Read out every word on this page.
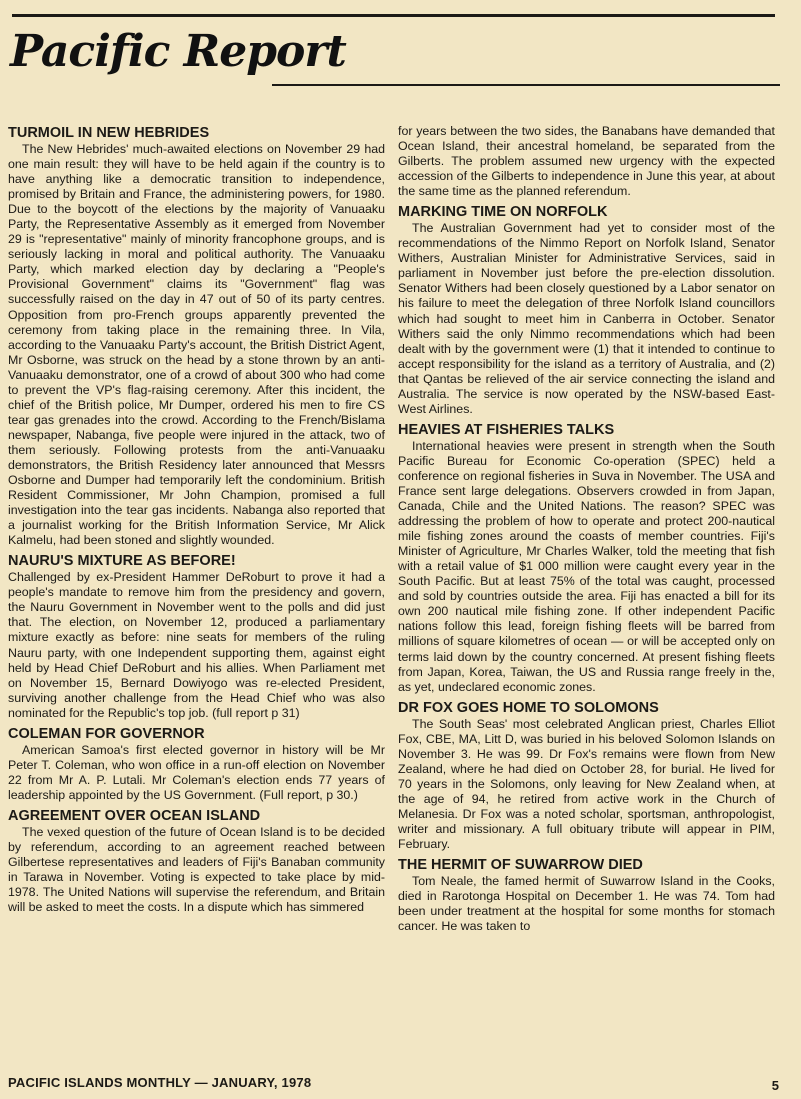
Pacific Report
TURMOIL IN NEW HEBRIDES

The New Hebrides' much-awaited elections on November 29 had one main result: they will have to be held again if the country is to have anything like a democratic transition to independence, promised by Britain and France, the administering powers, for 1980. Due to the boycott of the elections by the majority of Vanuaaku Party, the Representative Assembly as it emerged from November 29 is "representative" mainly of minority francophone groups, and is seriously lacking in moral and political authority. The Vanuaaku Party, which marked election day by declaring a "People's Provisional Government" claims its "Government" flag was successfully raised on the day in 47 out of 50 of its party centres. Opposition from pro-French groups apparently prevented the ceremony from taking place in the remaining three. In Vila, according to the Vanuaaku Party's account, the British District Agent, Mr Osborne, was struck on the head by a stone thrown by an anti-Vanuaaku demonstrator, one of a crowd of about 300 who had come to prevent the VP's flag-raising ceremony. After this incident, the chief of the British police, Mr Dumper, ordered his men to fire CS tear gas grenades into the crowd. According to the French/Bislama newspaper, Nabanga, five people were injured in the attack, two of them seriously. Following protests from the anti-Vanuaaku demonstrators, the British Residency later announced that Messrs Osborne and Dumper had temporarily left the condominium. British Resident Commissioner, Mr John Champion, promised a full investigation into the tear gas incidents. Nabanga also reported that a journalist working for the British Information Service, Mr Alick Kalmelu, had been stoned and slightly wounded.

NAURU'S MIXTURE AS BEFORE!

Challenged by ex-President Hammer DeRoburt to prove it had a people's mandate to remove him from the presidency and govern, the Nauru Government in November went to the polls and did just that. The election, on November 12, produced a parliamentary mixture exactly as before: nine seats for members of the ruling Nauru party, with one Independent supporting them, against eight held by Head Chief DeRoburt and his allies. When Parliament met on November 15, Bernard Dowiyogo was re-elected President, surviving another challenge from the Head Chief who was also nominated for the Republic's top job. (full report p 31)

COLEMAN FOR GOVERNOR

American Samoa's first elected governor in history will be Mr Peter T. Coleman, who won office in a run-off election on November 22 from Mr A. P. Lutali. Mr Coleman's election ends 77 years of leadership appointed by the US Government. (Full report, p 30.)

AGREEMENT OVER OCEAN ISLAND

The vexed question of the future of Ocean Island is to be decided by referendum, according to an agreement reached between Gilbertese representatives and leaders of Fiji's Banaban community in Tarawa in November. Voting is expected to take place by mid-1978. The United Nations will supervise the referendum, and Britain will be asked to meet the costs. In a dispute which has simmered

for years between the two sides, the Banabans have demanded that Ocean Island, their ancestral homeland, be separated from the Gilberts. The problem assumed new urgency with the expected accession of the Gilberts to independence in June this year, at about the same time as the planned referendum.

MARKING TIME ON NORFOLK

The Australian Government had yet to consider most of the recommendations of the Nimmo Report on Norfolk Island, Senator Withers, Australian Minister for Administrative Services, said in parliament in November just before the pre-election dissolution. Senator Withers had been closely questioned by a Labor senator on his failure to meet the delegation of three Norfolk Island councillors which had sought to meet him in Canberra in October. Senator Withers said the only Nimmo recommendations which had been dealt with by the government were (1) that it intended to continue to accept responsibility for the island as a territory of Australia, and (2) that Qantas be relieved of the air service connecting the island and Australia. The service is now operated by the NSW-based East-West Airlines.

HEAVIES AT FISHERIES TALKS

International heavies were present in strength when the South Pacific Bureau for Economic Co-operation (SPEC) held a conference on regional fisheries in Suva in November. The USA and France sent large delegations. Observers crowded in from Japan, Canada, Chile and the United Nations. The reason? SPEC was addressing the problem of how to operate and protect 200-nautical mile fishing zones around the coasts of member countries. Fiji's Minister of Agriculture, Mr Charles Walker, told the meeting that fish with a retail value of $1 000 million were caught every year in the South Pacific. But at least 75% of the total was caught, processed and sold by countries outside the area. Fiji has enacted a bill for its own 200 nautical mile fishing zone. If other independent Pacific nations follow this lead, foreign fishing fleets will be barred from millions of square kilometres of ocean — or will be accepted only on terms laid down by the country concerned. At present fishing fleets from Japan, Korea, Taiwan, the US and Russia range freely in the, as yet, undeclared economic zones.

DR FOX GOES HOME TO SOLOMONS

The South Seas' most celebrated Anglican priest, Charles Elliot Fox, CBE, MA, Litt D, was buried in his beloved Solomon Islands on November 3. He was 99. Dr Fox's remains were flown from New Zealand, where he had died on October 28, for burial. He lived for 70 years in the Solomons, only leaving for New Zealand when, at the age of 94, he retired from active work in the Church of Melanesia. Dr Fox was a noted scholar, sportsman, anthropologist, writer and missionary. A full obituary tribute will appear in PIM, February.

THE HERMIT OF SUWARROW DIED

Tom Neale, the famed hermit of Suwarrow Island in the Cooks, died in Rarotonga Hospital on December 1. He was 74. Tom had been under treatment at the hospital for some months for stomach cancer. He was taken to

PACIFIC ISLANDS MONTHLY — JANUARY, 1978	5
